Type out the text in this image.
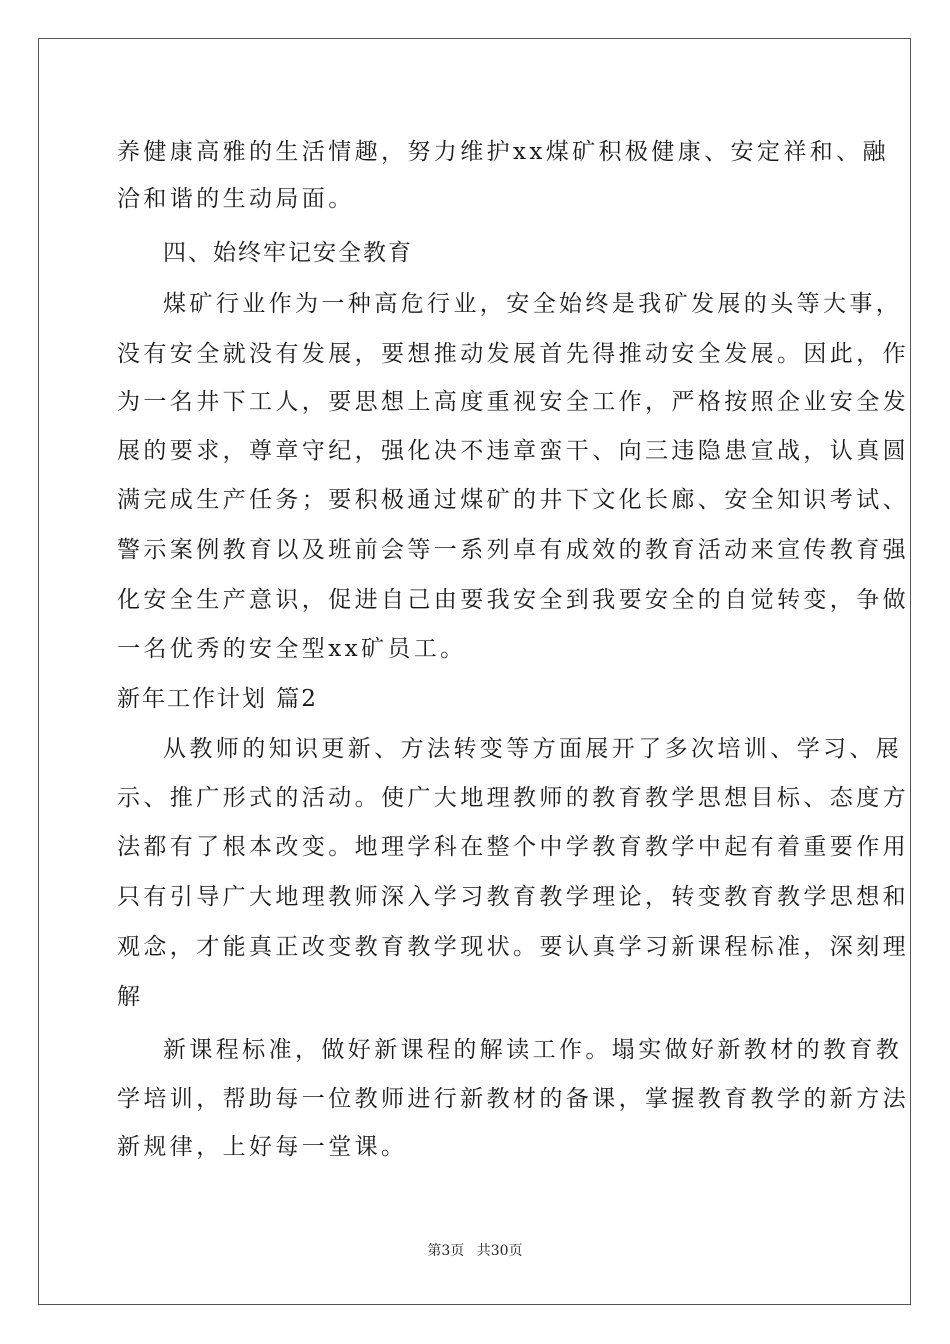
养健康高雅的生活情趣，努力维护xx煤矿积极健康、安定祥和、融
洽和谐的生动局面。
四、始终牢记安全教育
煤矿行业作为一种高危行业，安全始终是我矿发展的头等大事，
没有安全就没有发展，要想推动发展首先得推动安全发展。因此，作
为一名井下工人，要思想上高度重视安全工作，严格按照企业安全发
展的要求，尊章守纪，强化决不违章蛮干、向三违隐患宣战，认真圆
满完成生产任务；要积极通过煤矿的井下文化长廊、安全知识考试、
警示案例教育以及班前会等一系列卓有成效的教育活动来宣传教育强
化安全生产意识，促进自己由要我安全到我要安全的自觉转变，争做
一名优秀的安全型xx矿员工。
新年工作计划 篇2
从教师的知识更新、方法转变等方面展开了多次培训、学习、展
示、推广形式的活动。使广大地理教师的教育教学思想目标、态度方
法都有了根本改变。地理学科在整个中学教育教学中起有着重要作用
只有引导广大地理教师深入学习教育教学理论，转变教育教学思想和
观念，才能真正改变教育教学现状。要认真学习新课程标准，深刻理
解
新课程标准，做好新课程的解读工作。塌实做好新教材的教育教
学培训，帮助每一位教师进行新教材的备课，掌握教育教学的新方法
新规律，上好每一堂课。
第3页 共30页
